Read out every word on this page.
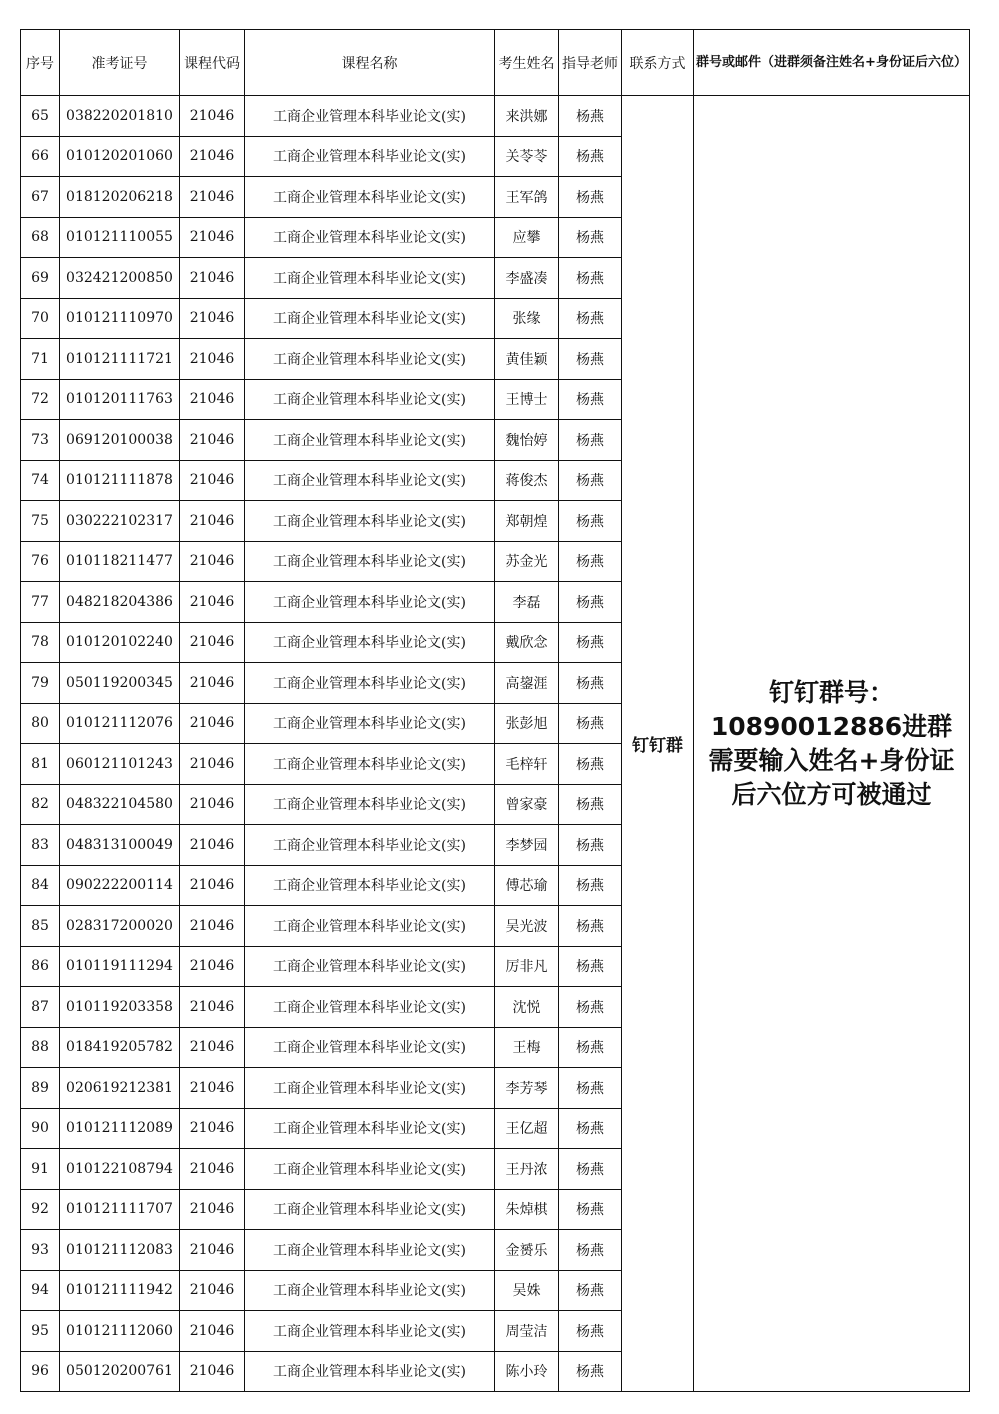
序号	准考证号	课程代码	课程名称	考生姓名	指导老师	联系方式	群号或邮件（进群须备注姓名+身份证后六位）
65	038220201810	21046	工商企业管理本科毕业论文(实)	来洪娜	杨燕	钉钉群	钉钉群号：10890012886进群需要输入姓名+身份证后六位方可被通过
66	010120201060	21046	工商企业管理本科毕业论文(实)	关苓苓	杨燕		
67	018120206218	21046	工商企业管理本科毕业论文(实)	王军鸽	杨燕		
68	010121110055	21046	工商企业管理本科毕业论文(实)	应攀	杨燕		
69	032421200850	21046	工商企业管理本科毕业论文(实)	李盛凑	杨燕		
70	010121110970	21046	工商企业管理本科毕业论文(实)	张缘	杨燕		
71	010121111721	21046	工商企业管理本科毕业论文(实)	黄佳颖	杨燕		
72	010120111763	21046	工商企业管理本科毕业论文(实)	王博士	杨燕		
73	069120100038	21046	工商企业管理本科毕业论文(实)	魏怡婷	杨燕		
74	010121111878	21046	工商企业管理本科毕业论文(实)	蒋俊杰	杨燕		
75	030222102317	21046	工商企业管理本科毕业论文(实)	郑朝煌	杨燕		
76	010118211477	21046	工商企业管理本科毕业论文(实)	苏金光	杨燕		
77	048218204386	21046	工商企业管理本科毕业论文(实)	李磊	杨燕		
78	010120102240	21046	工商企业管理本科毕业论文(实)	戴欣念	杨燕		
79	050119200345	21046	工商企业管理本科毕业论文(实)	高鋆涯	杨燕		
80	010121112076	21046	工商企业管理本科毕业论文(实)	张彭旭	杨燕		
81	060121101243	21046	工商企业管理本科毕业论文(实)	毛梓轩	杨燕		
82	048322104580	21046	工商企业管理本科毕业论文(实)	曾家豪	杨燕		
83	048313100049	21046	工商企业管理本科毕业论文(实)	李梦园	杨燕		
84	090222200114	21046	工商企业管理本科毕业论文(实)	傅芯瑜	杨燕		
85	028317200020	21046	工商企业管理本科毕业论文(实)	吴光波	杨燕		
86	010119111294	21046	工商企业管理本科毕业论文(实)	厉非凡	杨燕		
87	010119203358	21046	工商企业管理本科毕业论文(实)	沈悦	杨燕		
88	018419205782	21046	工商企业管理本科毕业论文(实)	王梅	杨燕		
89	020619212381	21046	工商企业管理本科毕业论文(实)	李芳琴	杨燕		
90	010121112089	21046	工商企业管理本科毕业论文(实)	王亿超	杨燕		
91	010122108794	21046	工商企业管理本科毕业论文(实)	王丹浓	杨燕		
92	010121111707	21046	工商企业管理本科毕业论文(实)	朱焯棋	杨燕		
93	010121112083	21046	工商企业管理本科毕业论文(实)	金赟乐	杨燕		
94	010121111942	21046	工商企业管理本科毕业论文(实)	吴姝	杨燕		
95	010121112060	21046	工商企业管理本科毕业论文(实)	周莹洁	杨燕		
96	050120200761	21046	工商企业管理本科毕业论文(实)	陈小玲	杨燕		
